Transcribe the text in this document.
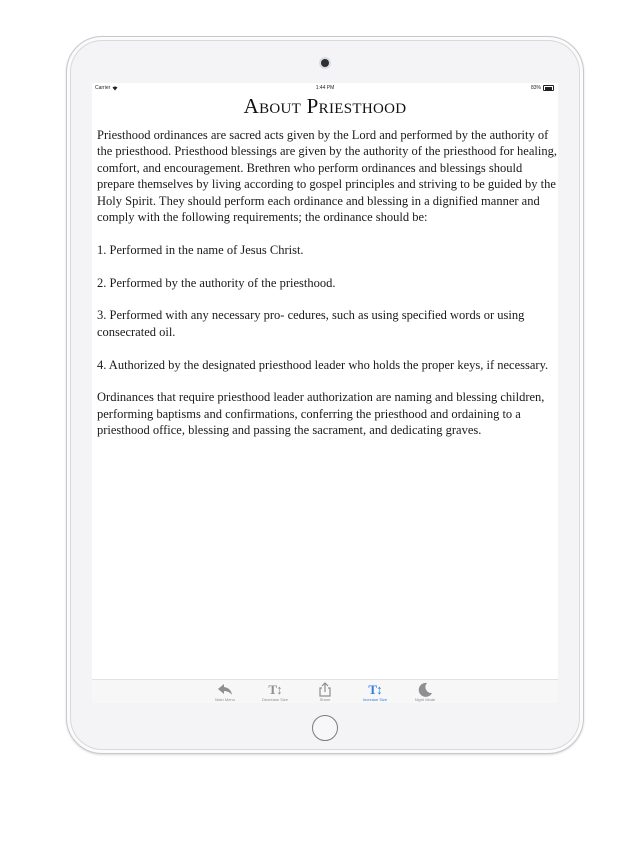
Carrier	1:44 PM	83%
About Priesthood

Priesthood ordinances are sacred acts given by the Lord and performed by the authority of the priesthood. Priesthood blessings are given by the authority of the priesthood for healing, comfort, and encouragement. Brethren who perform ordinances and blessings should prepare themselves by living according to gospel principles and striving to be guided by the Holy Spirit. They should perform each ordinance and blessing in a dignified manner and comply with the following requirements; the ordinance should be:

1. Performed in the name of Jesus Christ.

2. Performed by the authority of the priesthood.

3. Performed with any necessary pro- cedures, such as using specified words or using consecrated oil.

4. Authorized by the designated priesthood leader who holds the proper keys, if necessary.

Ordinances that require priesthood leader authorization are naming and blessing children, performing baptisms and confirmations, conferring the priesthood and ordaining to a priesthood office, blessing and passing the sacrament, and dedicating graves.

Main Menu
T↕
Decrease Size	Share
T↕
Increase Size	Night Mode
